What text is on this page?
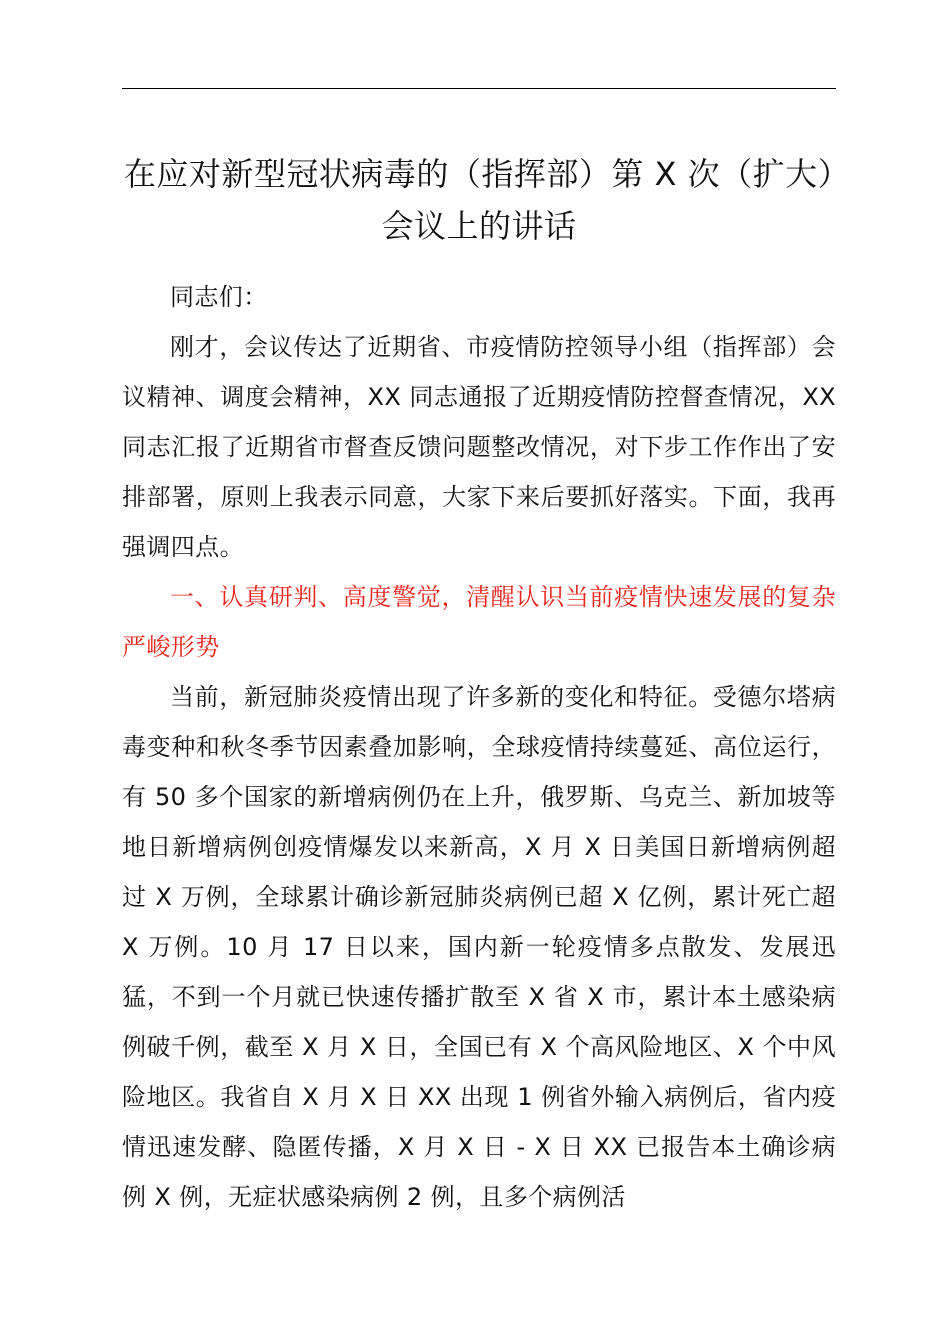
在应对新型冠状病毒的（指挥部）第 X 次（扩大）会议上的讲话

同志们：

刚才，会议传达了近期省、市疫情防控领导小组（指挥部）会议精神、调度会精神，XX 同志通报了近期疫情防控督查情况，XX 同志汇报了近期省市督查反馈问题整改情况，对下步工作作出了安排部署，原则上我表示同意，大家下来后要抓好落实。下面，我再强调四点。

一、认真研判、高度警觉，清醒认识当前疫情快速发展的复杂严峻形势

当前，新冠肺炎疫情出现了许多新的变化和特征。受德尔塔病毒变种和秋冬季节因素叠加影响，全球疫情持续蔓延、高位运行，有 50 多个国家的新增病例仍在上升，俄罗斯、乌克兰、新加坡等地日新增病例创疫情爆发以来新高，X 月 X 日美国日新增病例超过 X 万例，全球累计确诊新冠肺炎病例已超 X 亿例，累计死亡超 X 万例。10 月 17 日以来，国内新一轮疫情多点散发、发展迅猛，不到一个月就已快速传播扩散至 X 省 X 市，累计本土感染病例破千例，截至 X 月 X 日，全国已有 X 个高风险地区、X 个中风险地区。我省自 X 月 X 日 XX 出现 1 例省外输入病例后，省内疫情迅速发酵、隐匿传播，X 月 X 日 - X 日 XX 已报告本土确诊病例 X 例，无症状感染病例 2 例，且多个病例活
